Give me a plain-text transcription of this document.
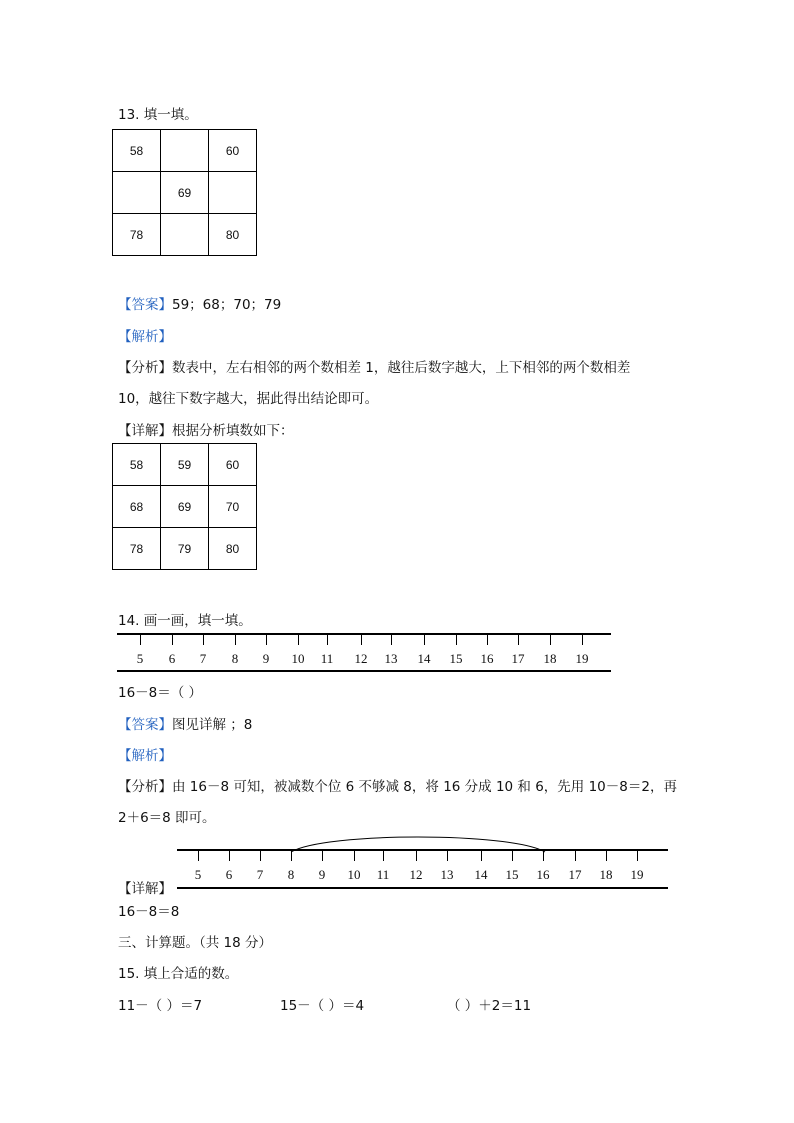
13. 填一填。
58		60
	69	
78		80
【答案】59；68；70；79
【解析】
【分析】数表中，左右相邻的两个数相差 1，越往后数字越大，上下相邻的两个数相差
10，越往下数字越大，据此得出结论即可。
【详解】根据分析填数如下：
58	59	60
68	69	70
78	79	80
14. 画一画，填一填。
5 6 7 8 9 10 11 12 13 14 15 16 17 18 19
16－8＝（ ）
【答案】图见详解 ；8
【解析】
【分析】由 16－8 可知，被减数个位 6 不够减 8，将 16 分成 10 和 6，先用 10－8＝2，再
2＋6＝8 即可。
5 6 7 8 9 10 11 12 13 14 15 16 17 18 19
【详解】
16－8＝8
三、计算题。（共 18 分）
15. 填上合适的数。
11－（ ）＝7	15－（ ）＝4	（ ）＋2＝11
